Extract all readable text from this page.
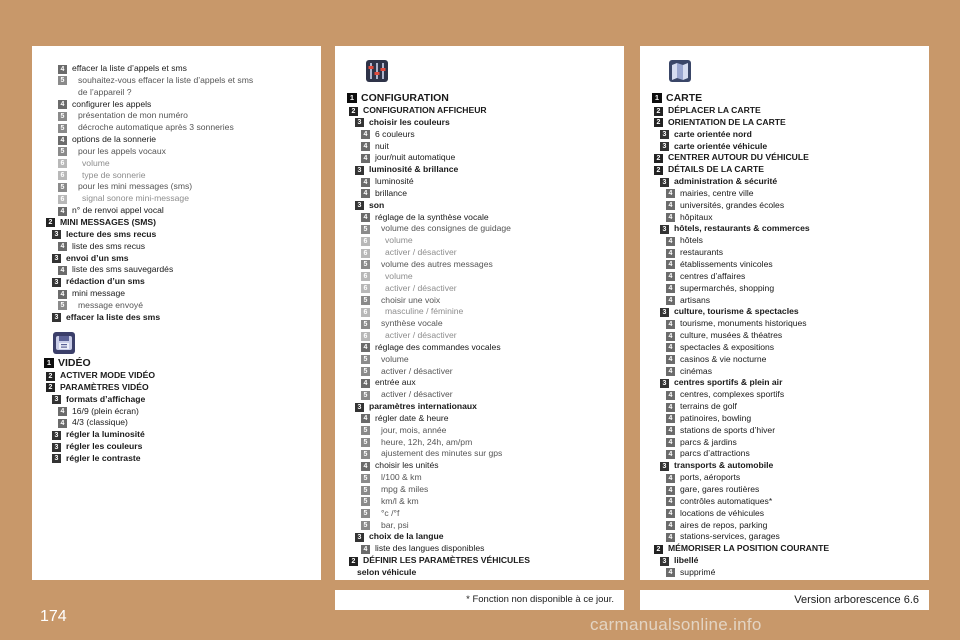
4 effacer la liste d’appels et sms
5 souhaitez-vous effacer la liste d’appels et sms
de l’appareil ?
4 configurer les appels
5 présentation de mon numéro
5 décroche automatique après 3 sonneries
4 options de la sonnerie
5 pour les appels vocaux
6 volume
6 type de sonnerie
5 pour les mini messages (sms)
6 signal sonore mini-message
4 n° de renvoi appel vocal
2 MINI MESSAGES (SMS)
3 lecture des sms recus
4 liste des sms recus
3 envoi d’un sms
4 liste des sms sauvegardés
3 rédaction d’un sms
4 mini message
5 message envoyé
3 effacer la liste des sms
1 VIDÉO
2 ACTIVER MODE VIDÉO
2 PARAMÈTRES VIDÉO
3 formats d’affichage
4 16/9 (plein écran)
4 4/3 (classique)
3 régler la luminosité
3 régler les couleurs
3 régler le contraste
1 CONFIGURATION
2 CONFIGURATION AFFICHEUR
3 choisir les couleurs
4 6 couleurs
4 nuit
4 jour/nuit automatique
3 luminosité & brillance
4 luminosité
4 brillance
3 son
4 réglage de la synthèse vocale
5 volume des consignes de guidage
6 volume
6 activer / désactiver
5 volume des autres messages
6 volume
6 activer / désactiver
5 choisir une voix
6 masculine / féminine
5 synthèse vocale
6 activer / désactiver
4 réglage des commandes vocales
5 volume
5 activer / désactiver
4 entrée aux
5 activer / désactiver
3 paramètres internationaux
4 régler date & heure
5 jour, mois, année
5 heure, 12h, 24h, am/pm
5 ajustement des minutes sur gps
4 choisir les unités
5 l/100 & km
5 mpg & miles
5 km/l & km
5 °c /°f
5 bar, psi
3 choix de la langue
4 liste des langues disponibles
2 DÉFINIR LES PARAMÈTRES VÉHICULES
selon véhicule
1 CARTE
2 DÉPLACER LA CARTE
2 ORIENTATION DE LA CARTE
3 carte orientée nord
3 carte orientée véhicule
2 CENTRER AUTOUR DU VÉHICULE
2 DÉTAILS DE LA CARTE
3 administration & sécurité
4 mairies, centre ville
4 universités, grandes écoles
4 hôpitaux
3 hôtels, restaurants & commerces
4 hôtels
4 restaurants
4 établissements vinicoles
4 centres d’affaires
4 supermarchés, shopping
4 artisans
3 culture, tourisme & spectacles
4 tourisme, monuments historiques
4 culture, musées & théatres
4 spectacles & expositions
4 casinos & vie nocturne
4 cinémas
3 centres sportifs & plein air
4 centres, complexes sportifs
4 terrains de golf
4 patinoires, bowling
4 stations de sports d’hiver
4 parcs & jardins
4 parcs d’attractions
3 transports & automobile
4 ports, aéroports
4 gare, gares routières
4 contrôles automatiques*
4 locations de véhicules
4 aires de repos, parking
4 stations-services, garages
2 MÉMORISER LA POSITION COURANTE
3 libellé
4 supprimé
* Fonction non disponible à ce jour.	Version arborescence 6.6
174	carmanualsonline.info
